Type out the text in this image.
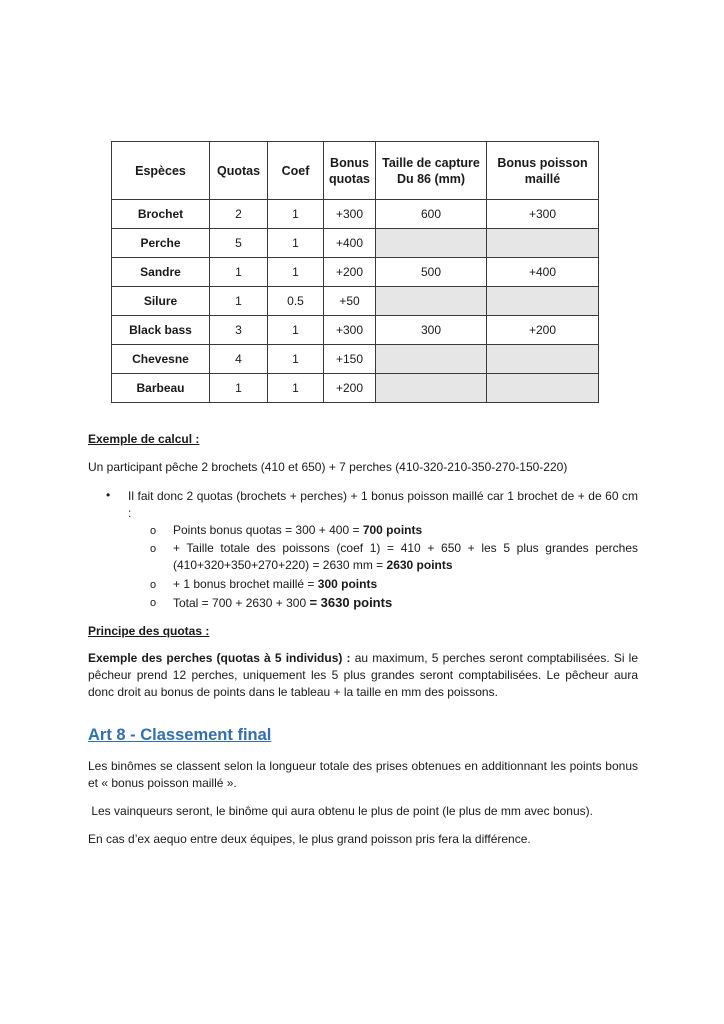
Espèces	Quotas	Coef	Bonus quotas	Taille de capture Du 86 (mm)	Bonus poisson maillé
Brochet	2	1	+300	600	+300
Perche	5	1	+400		
Sandre	1	1	+200	500	+400
Silure	1	0.5	+50		
Black bass	3	1	+300	300	+200
Chevesne	4	1	+150		
Barbeau	1	1	+200		
Exemple de calcul :
Un participant pêche 2 brochets (410 et 650) + 7 perches (410-320-210-350-270-150-220)
• Il fait donc 2 quotas (brochets + perches) + 1 bonus poisson maillé car 1 brochet de + de 60 cm :
o Points bonus quotas = 300 + 400 = 700 points
o + Taille totale des poissons (coef 1) = 410 + 650 + les 5 plus grandes perches (410+320+350+270+220) = 2630 mm = 2630 points
o + 1 bonus brochet maillé = 300 points
o Total = 700 + 2630 + 300 = 3630 points
Principe des quotas :
Exemple des perches (quotas à 5 individus) : au maximum, 5 perches seront comptabilisées. Si le pêcheur prend 12 perches, uniquement les 5 plus grandes seront comptabilisées. Le pêcheur aura donc droit au bonus de points dans le tableau + la taille en mm des poissons.
Art 8 - Classement final
Les binômes se classent selon la longueur totale des prises obtenues en additionnant les points bonus et « bonus poisson maillé ».
Les vainqueurs seront, le binôme qui aura obtenu le plus de point (le plus de mm avec bonus).
En cas d’ex aequo entre deux équipes, le plus grand poisson pris fera la différence.
